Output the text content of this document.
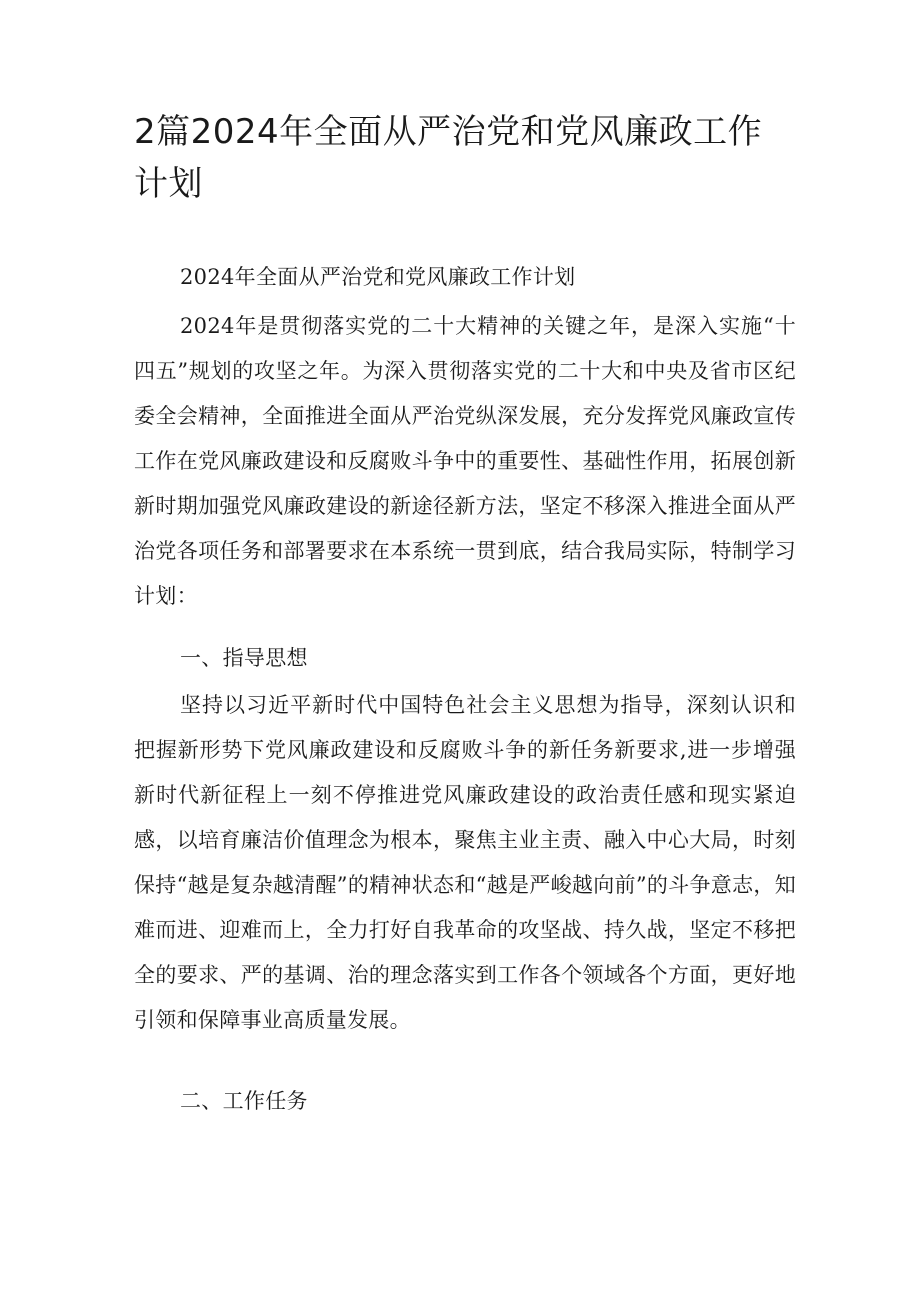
2篇2024年全面从严治党和党风廉政工作计划

2024年全面从严治党和党风廉政工作计划

2024年是贯彻落实党的二十大精神的关键之年，是深入实施“十四五”规划的攻坚之年。为深入贯彻落实党的二十大和中央及省市区纪委全会精神，全面推进全面从严治党纵深发展，充分发挥党风廉政宣传工作在党风廉政建设和反腐败斗争中的重要性、基础性作用，拓展创新新时期加强党风廉政建设的新途径新方法，坚定不移深入推进全面从严治党各项任务和部署要求在本系统一贯到底，结合我局实际，特制学习计划：

一、指导思想

坚持以习近平新时代中国特色社会主义思想为指导，深刻认识和把握新形势下党风廉政建设和反腐败斗争的新任务新要求,进一步增强新时代新征程上一刻不停推进党风廉政建设的政治责任感和现实紧迫感，以培育廉洁价值理念为根本，聚焦主业主责、融入中心大局，时刻保持“越是复杂越清醒”的精神状态和“越是严峻越向前”的斗争意志，知难而进、迎难而上，全力打好自我革命的攻坚战、持久战，坚定不移把全的要求、严的基调、治的理念落实到工作各个领域各个方面，更好地引领和保障事业高质量发展。

二、工作任务
